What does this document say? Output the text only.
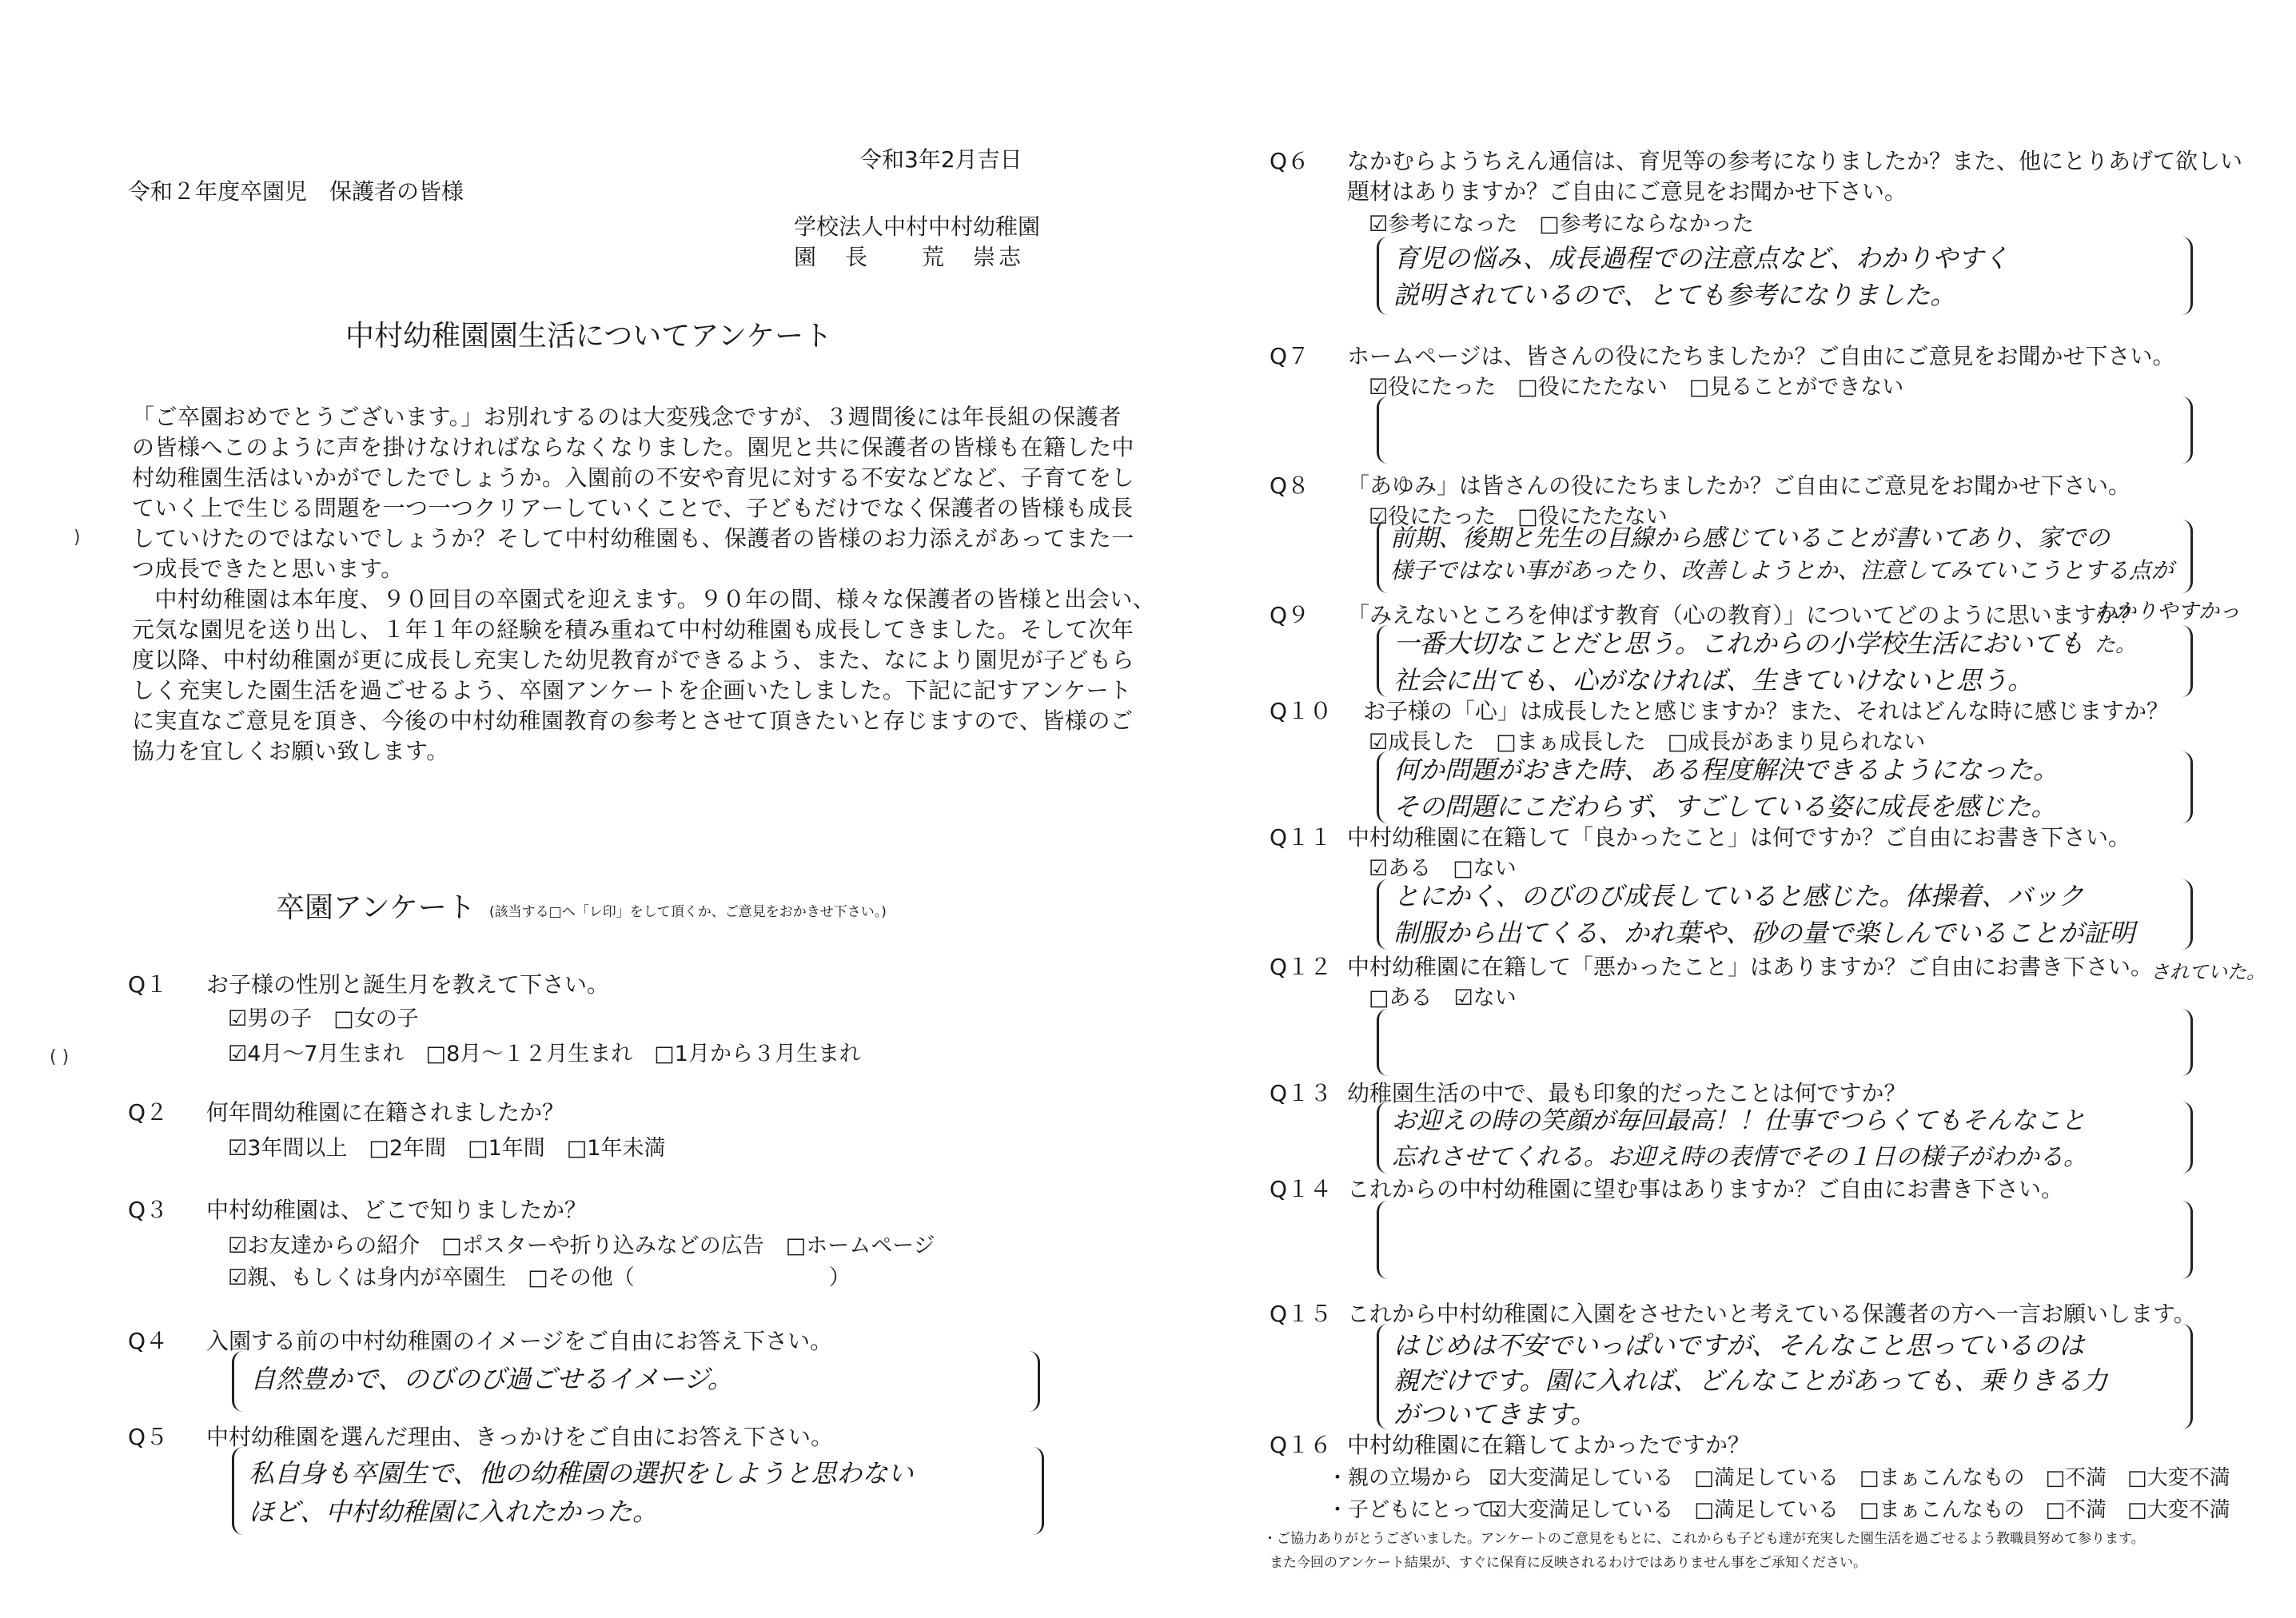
令和3年2月吉日
令和２年度卒園児　保護者の皆様
学校法人中村中村幼稚園
園　長　　荒　崇志
中村幼稚園園生活についてアンケート
「ご卒園おめでとうございます。」お別れするのは大変残念ですが、３週間後には年長組の保護者
の皆様へこのように声を掛けなければならなくなりました。園児と共に保護者の皆様も在籍した中
村幼稚園生活はいかがでしたでしょうか。入園前の不安や育児に対する不安などなど、子育てをし
ていく上で生じる問題を一つ一つクリアーしていくことで、子どもだけでなく保護者の皆様も成長
していけたのではないでしょうか？そして中村幼稚園も、保護者の皆様のお力添えがあってまた一
つ成長できたと思います。
　中村幼稚園は本年度、９０回目の卒園式を迎えます。９０年の間、様々な保護者の皆様と出会い、
元気な園児を送り出し、１年１年の経験を積み重ねて中村幼稚園も成長してきました。そして次年
度以降、中村幼稚園が更に成長し充実した幼児教育ができるよう、また、なにより園児が子どもら
しく充実した園生活を過ごせるよう、卒園アンケートを企画いたしました。下記に記すアンケート
に実直なご意見を頂き、今後の中村幼稚園教育の参考とさせて頂きたいと存じますので、皆様のご
協力を宜しくお願い致します。
)
( )
卒園アンケート (該当する□へ「レ印」をして頂くか、ご意見をおかきせ下さい。)
Q１ お子様の性別と誕生月を教えて下さい。
☑男の子　□女の子
☑4月～7月生まれ　□8月～１２月生まれ　□1月から３月生まれ
Q２ 何年間幼稚園に在籍されましたか？
☑3年間以上　□2年間　□1年間　□1年未満
Q３ 中村幼稚園は、どこで知りましたか？
☑お友達からの紹介　□ポスターや折り込みなどの広告　□ホームページ
☑親、もしくは身内が卒園生　□その他（　　　　　　　　　）
Q４ 入園する前の中村幼稚園のイメージをご自由にお答え下さい。
自然豊かで、のびのび過ごせるイメージ。
Q５ 中村幼稚園を選んだ理由、きっかけをご自由にお答え下さい。
私自身も卒園生で、他の幼稚園の選択をしようと思わない
ほど、中村幼稚園に入れたかった。
Q６ なかむらようちえん通信は、育児等の参考になりましたか？また、他にとりあげて欲しい
題材はありますか？ご自由にご意見をお聞かせ下さい。
☑参考になった　□参考にならなかった
育児の悩み、成長過程での注意点など、わかりやすく
説明されているので、とても参考になりました。
Q７ ホームページは、皆さんの役にたちましたか？ご自由にご意見をお聞かせ下さい。
☑役にたった　□役にたたない　□見ることができない
Q８ 「あゆみ」は皆さんの役にたちましたか？ご自由にご意見をお聞かせ下さい。
☑役にたった　□役にたたない
前期、後期と先生の目線から感じていることが書いてあり、家での
様子ではない事があったり、改善しようとか、注意してみていこうとする点が
わかりやすかった。
Q９ 「みえないところを伸ばす教育（心の教育）」についてどのように思いますか？
一番大切なことだと思う。これからの小学校生活においても
社会に出ても、心がなければ、生きていけないと思う。
Q１０ お子様の「心」は成長したと感じますか？また、それはどんな時に感じますか？
☑成長した　□まぁ成長した　□成長があまり見られない
何か問題がおきた時、ある程度解決できるようになった。
その問題にこだわらず、すごしている姿に成長を感じた。
Q１１ 中村幼稚園に在籍して「良かったこと」は何ですか？ご自由にお書き下さい。
☑ある　□ない
とにかく、のびのび成長していると感じた。体操着、バック
制服から出てくる、かれ葉や、砂の量で楽しんでいることが証明
されていた。
Q１２ 中村幼稚園に在籍して「悪かったこと」はありますか？ご自由にお書き下さい。
□ある　☑ない
Q１３ 幼稚園生活の中で、最も印象的だったことは何ですか？
お迎えの時の笑顔が毎回最高！！仕事でつらくてもそんなこと
忘れさせてくれる。お迎え時の表情でその１日の様子がわかる。
Q１４ これからの中村幼稚園に望む事はありますか？ご自由にお書き下さい。
Q１５ これから中村幼稚園に入園をさせたいと考えている保護者の方へ一言お願いします。
はじめは不安でいっぱいですが、そんなこと思っているのは
親だけです。園に入れば、どんなことがあっても、乗りきる力
がついてきます。
Q１６ 中村幼稚園に在籍してよかったですか？
・親の立場から　：
☑大変満足している　□満足している　□まぁこんなもの　□不満　□大変不満
・子どもにとって：
☑大変満足している　□満足している　□まぁこんなもの　□不満　□大変不満
・ご協力ありがとうございました。アンケートのご意見をもとに、これからも子ども達が充実した園生活を過ごせるよう教職員努めて参ります。
また今回のアンケート結果が、すぐに保育に反映されるわけではありません事をご承知ください。
